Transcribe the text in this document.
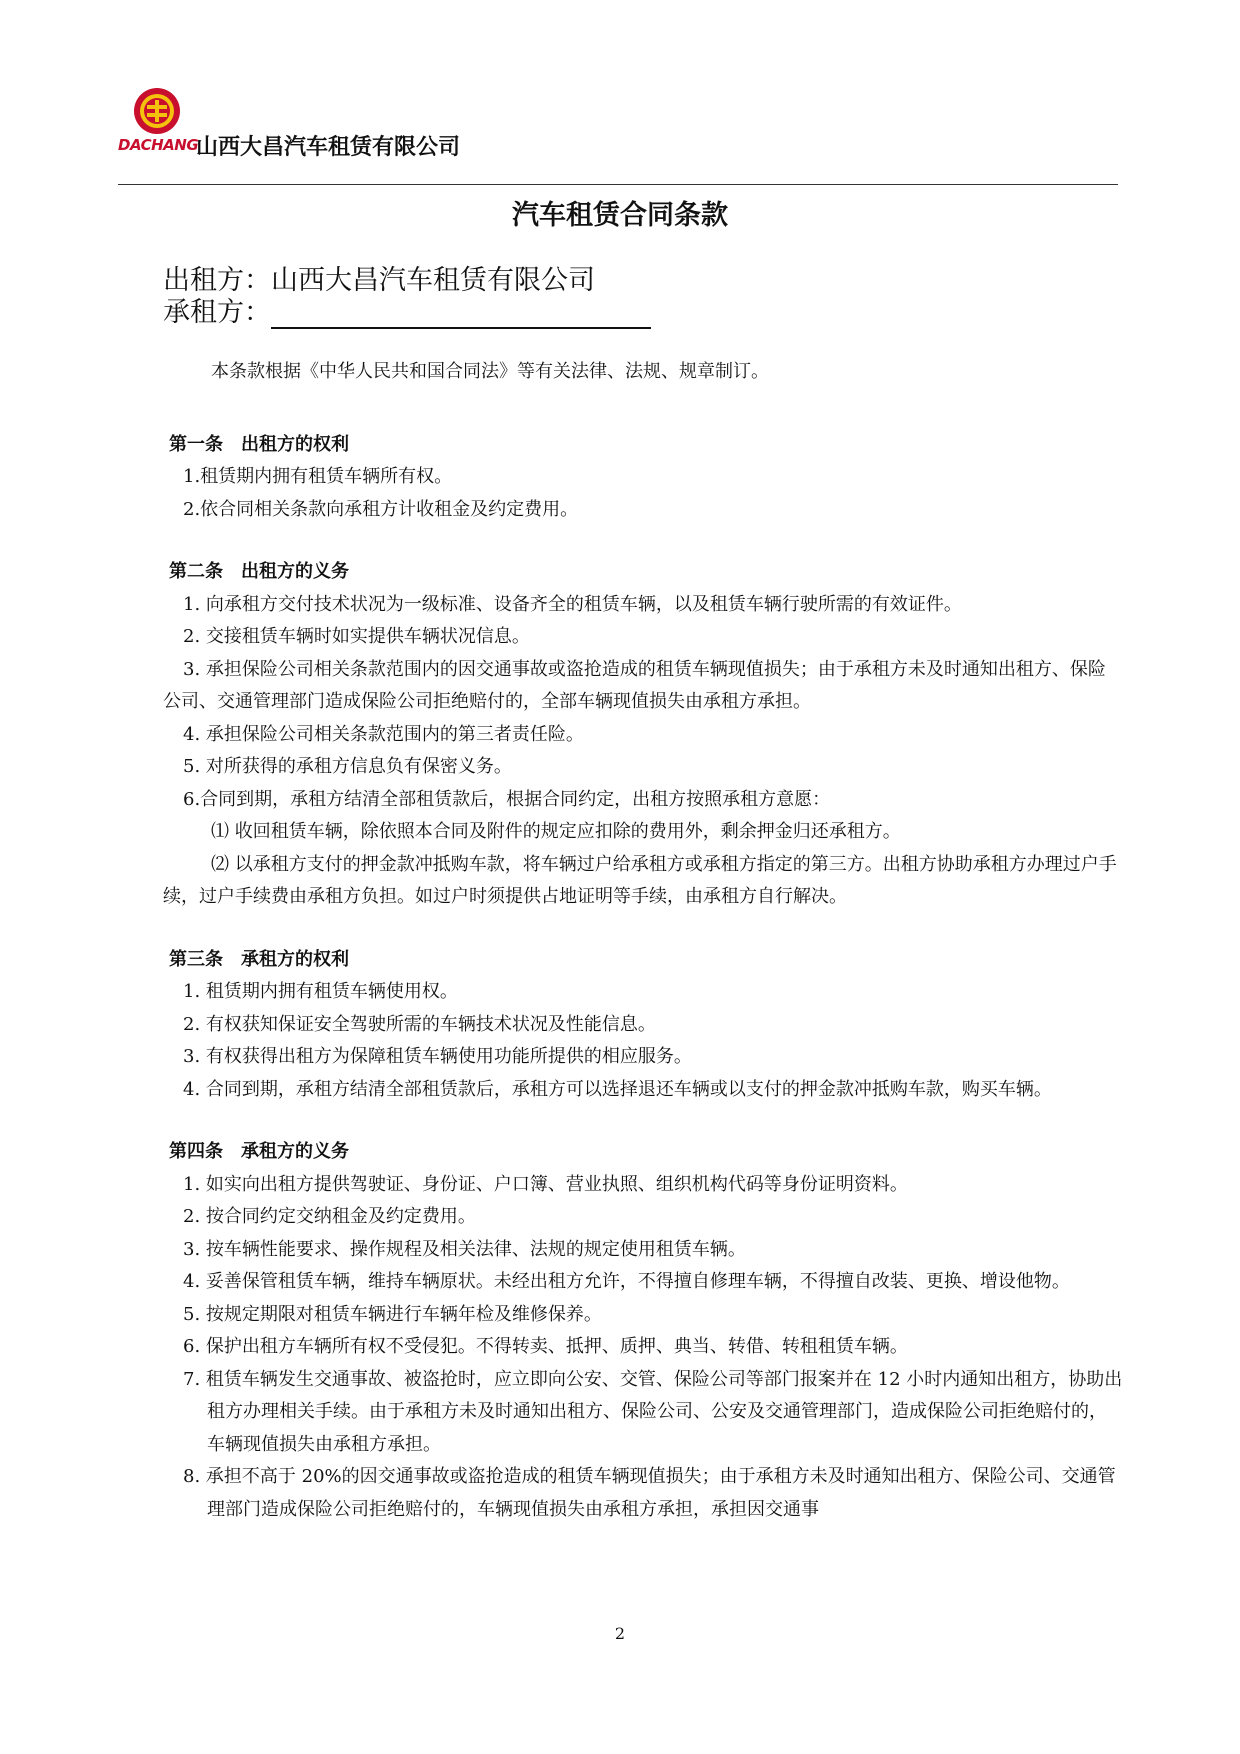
DACHANG
山西大昌汽车租赁有限公司
汽车租赁合同条款
出租方：山西大昌汽车租赁有限公司
承租方：

本条款根据《中华人民共和国合同法》等有关法律、法规、规章制订。

第一条　出租方的权利

1.租赁期内拥有租赁车辆所有权。

2.依合同相关条款向承租方计收租金及约定费用。

第二条　出租方的义务

1. 向承租方交付技术状况为一级标准、设备齐全的租赁车辆，以及租赁车辆行驶所需的有效证件。

2. 交接租赁车辆时如实提供车辆状况信息。

3. 承担保险公司相关条款范围内的因交通事故或盗抢造成的租赁车辆现值损失；由于承租方未及时通知出租方、保险公司、交通管理部门造成保险公司拒绝赔付的，全部车辆现值损失由承租方承担。

4. 承担保险公司相关条款范围内的第三者责任险。

5. 对所获得的承租方信息负有保密义务。

6.合同到期，承租方结清全部租赁款后，根据合同约定，出租方按照承租方意愿：

⑴ 收回租赁车辆，除依照本合同及附件的规定应扣除的费用外，剩余押金归还承租方。

⑵ 以承租方支付的押金款冲抵购车款，将车辆过户给承租方或承租方指定的第三方。出租方协助承租方办理过户手续，过户手续费由承租方负担。如过户时须提供占地证明等手续，由承租方自行解决。

第三条　承租方的权利

1. 租赁期内拥有租赁车辆使用权。

2. 有权获知保证安全驾驶所需的车辆技术状况及性能信息。

3. 有权获得出租方为保障租赁车辆使用功能所提供的相应服务。

4. 合同到期，承租方结清全部租赁款后，承租方可以选择退还车辆或以支付的押金款冲抵购车款，购买车辆。

第四条　承租方的义务

1. 如实向出租方提供驾驶证、身份证、户口簿、营业执照、组织机构代码等身份证明资料。

2. 按合同约定交纳租金及约定费用。

3. 按车辆性能要求、操作规程及相关法律、法规的规定使用租赁车辆。

4. 妥善保管租赁车辆，维持车辆原状。未经出租方允许，不得擅自修理车辆，不得擅自改装、更换、增设他物。

5. 按规定期限对租赁车辆进行车辆年检及维修保养。

6. 保护出租方车辆所有权不受侵犯。不得转卖、抵押、质押、典当、转借、转租租赁车辆。

7. 租赁车辆发生交通事故、被盗抢时，应立即向公安、交管、保险公司等部门报案并在 12 小时内通知出租方，协助出租方办理相关手续。由于承租方未及时通知出租方、保险公司、公安及交通管理部门，造成保险公司拒绝赔付的，车辆现值损失由承租方承担。

8. 承担不高于 20%的因交通事故或盗抢造成的租赁车辆现值损失；由于承租方未及时通知出租方、保险公司、交通管理部门造成保险公司拒绝赔付的，车辆现值损失由承租方承担，承担因交通事

2
